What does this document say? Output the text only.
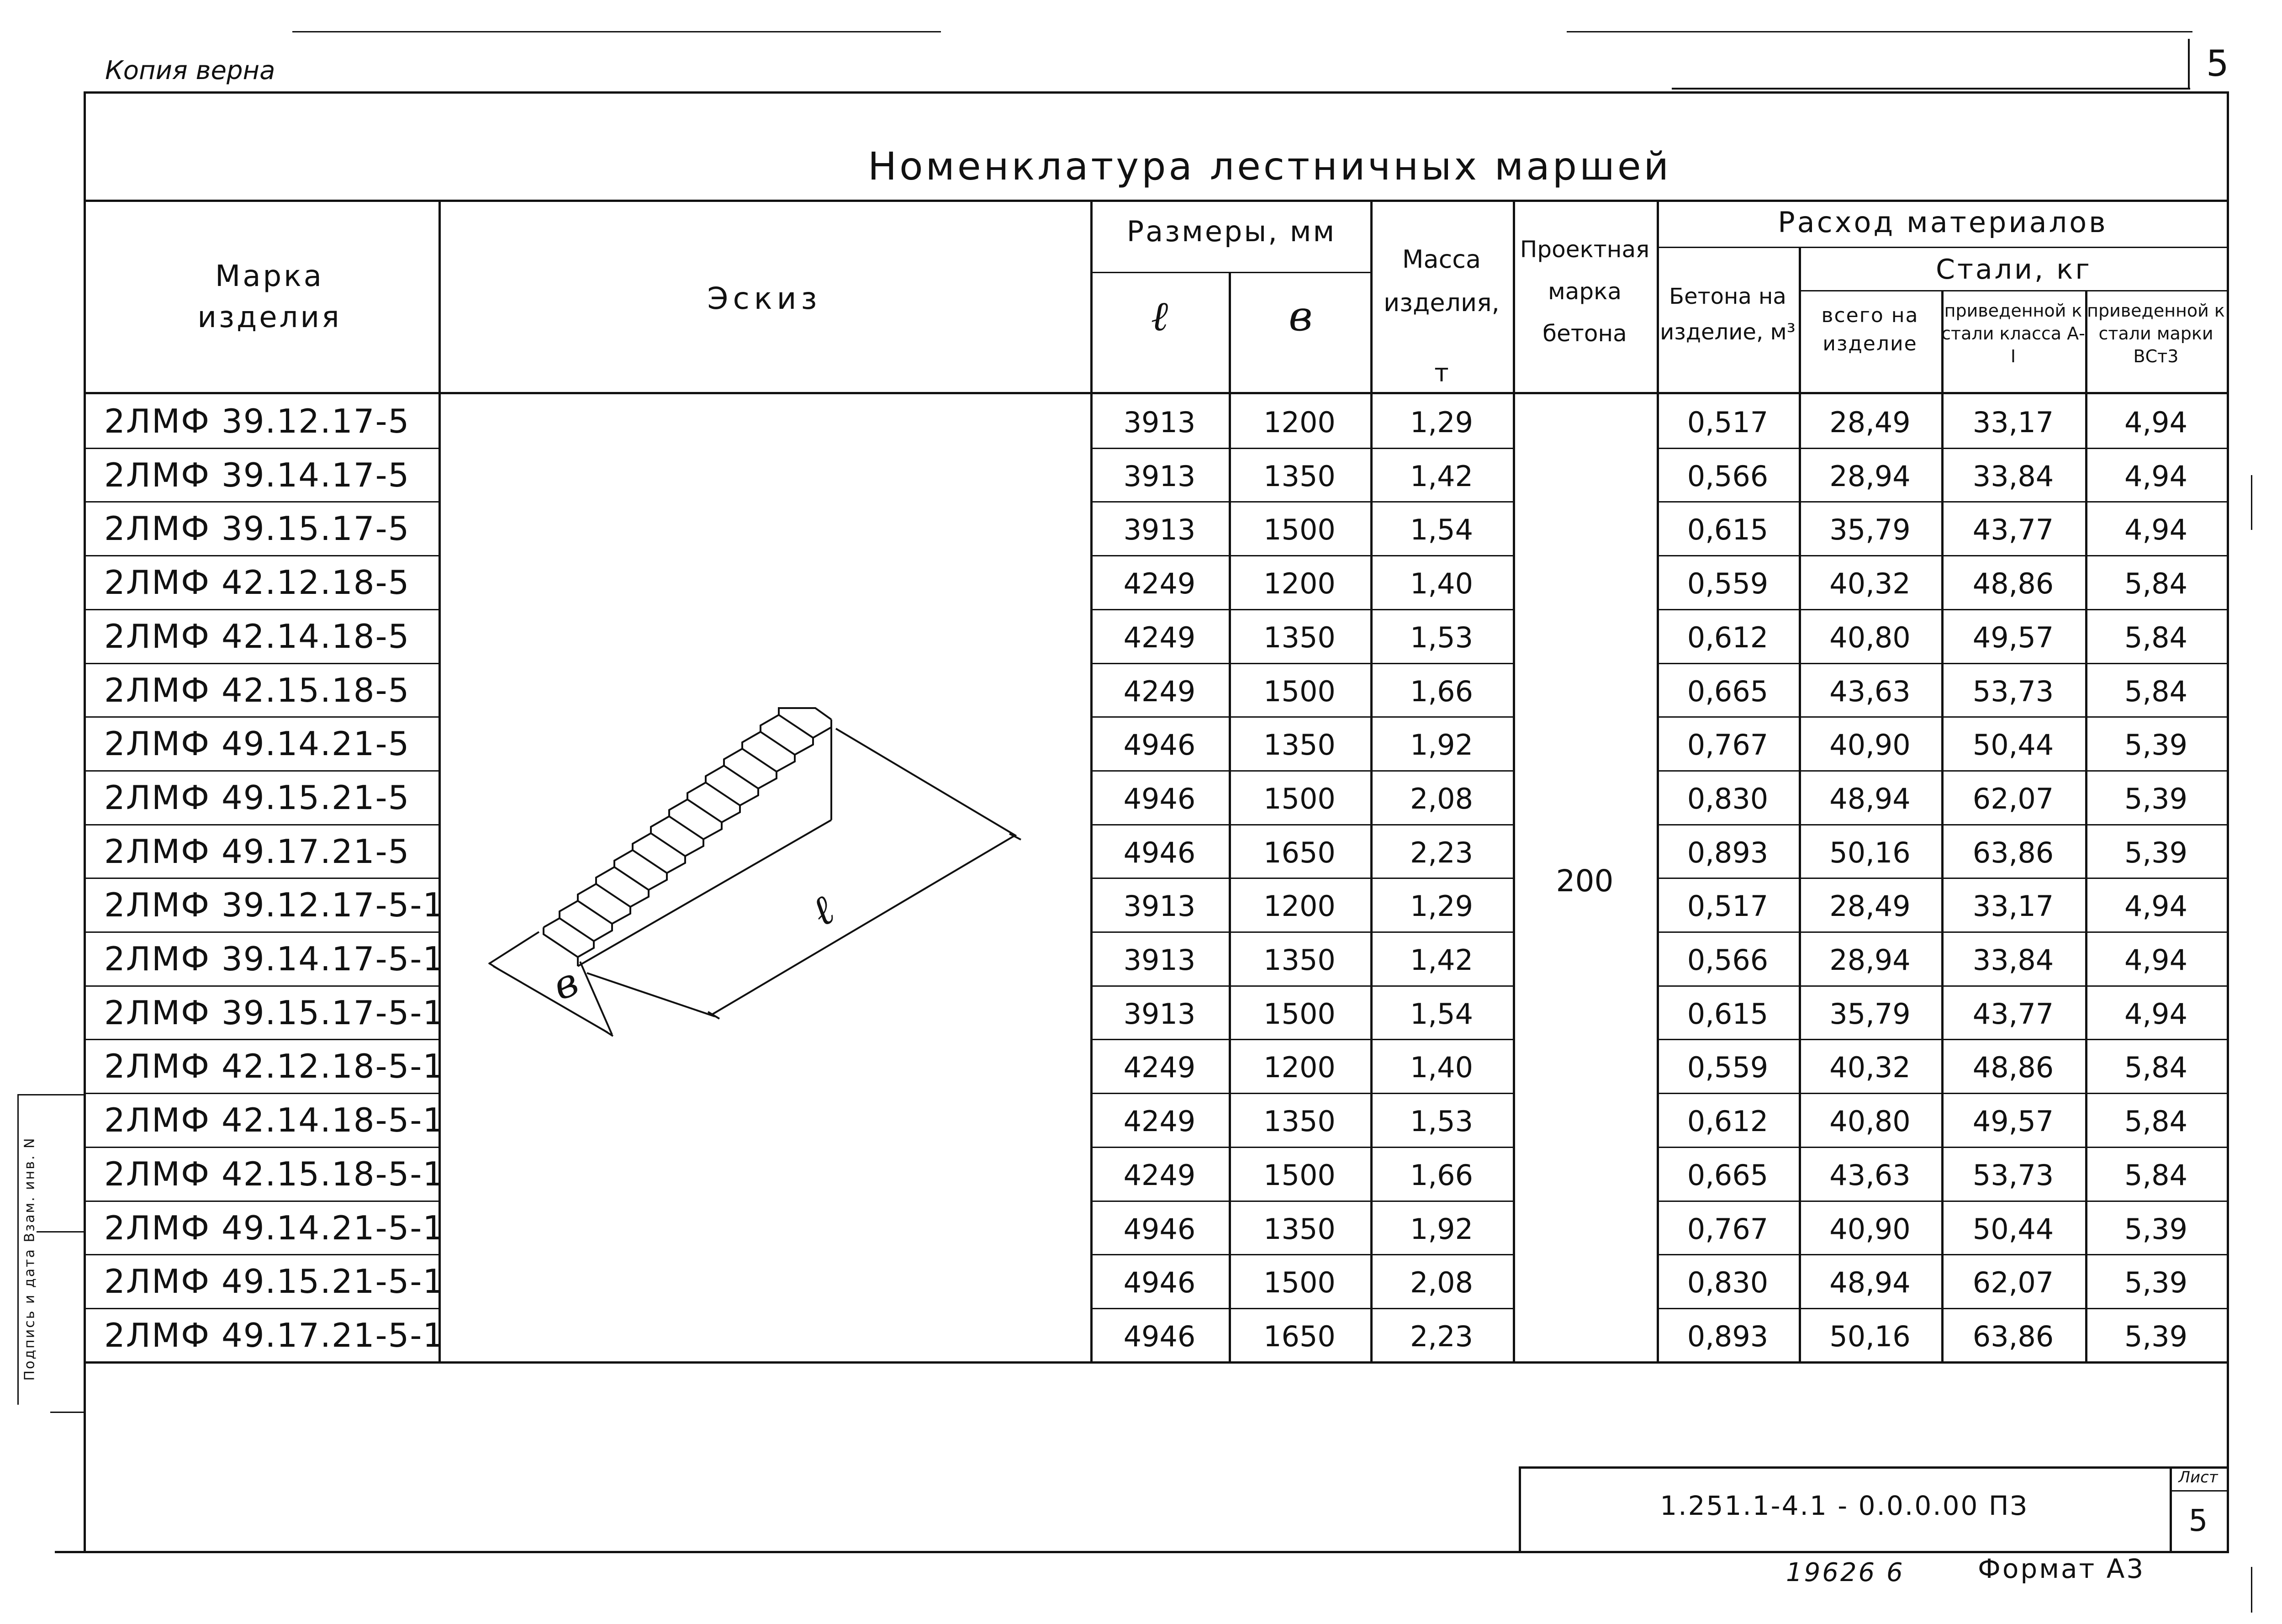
Копия верна	5
Номенклатура лестничных маршей
Марка изделия
Эскиз
Размеры, мм
ℓ	в
Масса изделия,
т
Проектная марка бетона
Расход материалов
Бетона на изделие, м³
Стали, кг
всего на изделие
приведенной к стали класса А-I
приведенной к стали марки ВСт3
2ЛМФ 39.12.17-5	3913	1200	1,29	0,517	28,49	33,17	4,94
2ЛМФ 39.14.17-5	3913	1350	1,42	0,566	28,94	33,84	4,94
2ЛМФ 39.15.17-5	3913	1500	1,54	0,615	35,79	43,77	4,94
2ЛМФ 42.12.18-5	4249	1200	1,40	0,559	40,32	48,86	5,84
2ЛМФ 42.14.18-5	4249	1350	1,53	0,612	40,80	49,57	5,84
2ЛМФ 42.15.18-5	4249	1500	1,66	0,665	43,63	53,73	5,84
2ЛМФ 49.14.21-5	4946	1350	1,92	0,767	40,90	50,44	5,39
2ЛМФ 49.15.21-5	4946	1500	2,08	0,830	48,94	62,07	5,39
2ЛМФ 49.17.21-5	4946	1650	2,23	0,893	50,16	63,86	5,39
2ЛМФ 39.12.17-5-1	3913	1200	1,29	0,517	28,49	33,17	4,94
2ЛМФ 39.14.17-5-1	3913	1350	1,42	0,566	28,94	33,84	4,94
2ЛМФ 39.15.17-5-1	3913	1500	1,54	0,615	35,79	43,77	4,94
2ЛМФ 42.12.18-5-1	4249	1200	1,40	0,559	40,32	48,86	5,84
2ЛМФ 42.14.18-5-1	4249	1350	1,53	0,612	40,80	49,57	5,84
2ЛМФ 42.15.18-5-1	4249	1500	1,66	0,665	43,63	53,73	5,84
2ЛМФ 49.14.21-5-1	4946	1350	1,92	0,767	40,90	50,44	5,39
2ЛМФ 49.15.21-5-1	4946	1500	2,08	0,830	48,94	62,07	5,39
2ЛМФ 49.17.21-5-1	4946	1650	2,23	0,893	50,16	63,86	5,39
200
ℓ
в
1.251.1-4.1 - 0.0.0.00 ПЗ
Лист
5
19626 6	Формат А3
Подпись и дата Взам. инв. N
